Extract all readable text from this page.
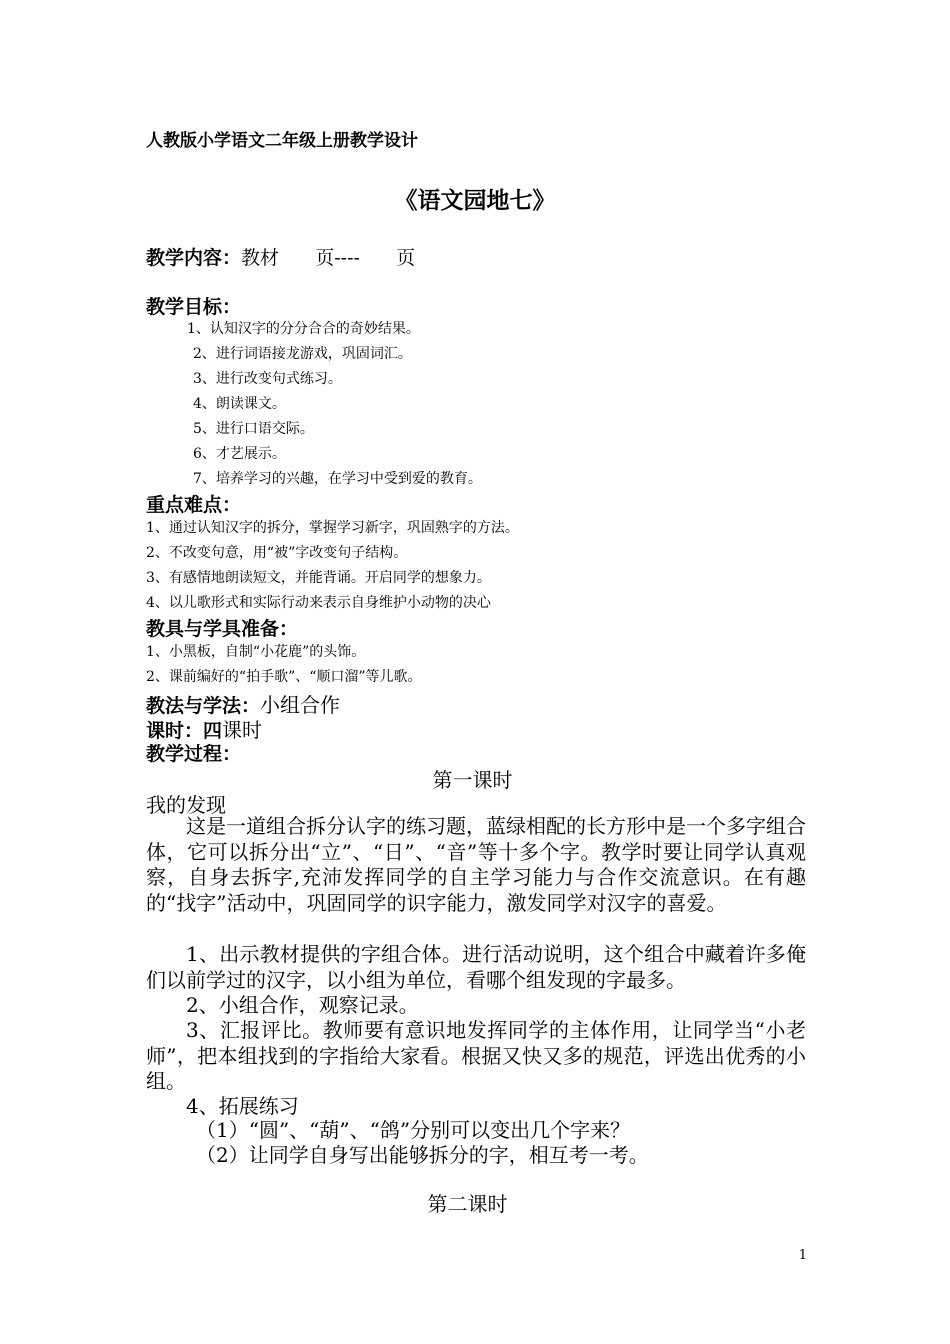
人教版小学语文二年级上册教学设计
《语文园地七》
教学内容：教材      页----      页
教学目标：
1、认知汉字的分分合合的奇妙结果。
2、进行词语接龙游戏，巩固词汇。
3、进行改变句式练习。
4、朗读课文。
5、进行口语交际。
6、才艺展示。
7、培养学习的兴趣，在学习中受到爱的教育。
重点难点：
1、通过认知汉字的拆分，掌握学习新字，巩固熟字的方法。
2、不改变句意，用“被”字改变句子结构。
3、有感情地朗读短文，并能背诵。开启同学的想象力。
4、以儿歌形式和实际行动来表示自身维护小动物的决心
教具与学具准备：
1、小黑板，自制“小花鹿”的头饰。
2、课前编好的“拍手歌”、“顺口溜”等儿歌。
教法与学法：小组合作
课时：四课时
教学过程：
第一课时
我的发现
这是一道组合拆分认字的练习题，蓝绿相配的长方形中是一个多字组合体，它可以拆分出“立”、“日”、“音”等十多个字。教学时要让同学认真观察，自身去拆字,充沛发挥同学的自主学习能力与合作交流意识。在有趣的“找字”活动中，巩固同学的识字能力，激发同学对汉字的喜爱。
1、出示教材提供的字组合体。进行活动说明，这个组合中藏着许多俺们以前学过的汉字，以小组为单位，看哪个组发现的字最多。
2、小组合作，观察记录。
3、汇报评比。教师要有意识地发挥同学的主体作用，让同学当“小老师”，把本组找到的字指给大家看。根据又快又多的规范，评选出优秀的小组。
4、拓展练习
（1）“圆”、“葫”、“鸽”分别可以变出几个字来？
（2）让同学自身写出能够拆分的字，相互考一考。
第二课时
1
